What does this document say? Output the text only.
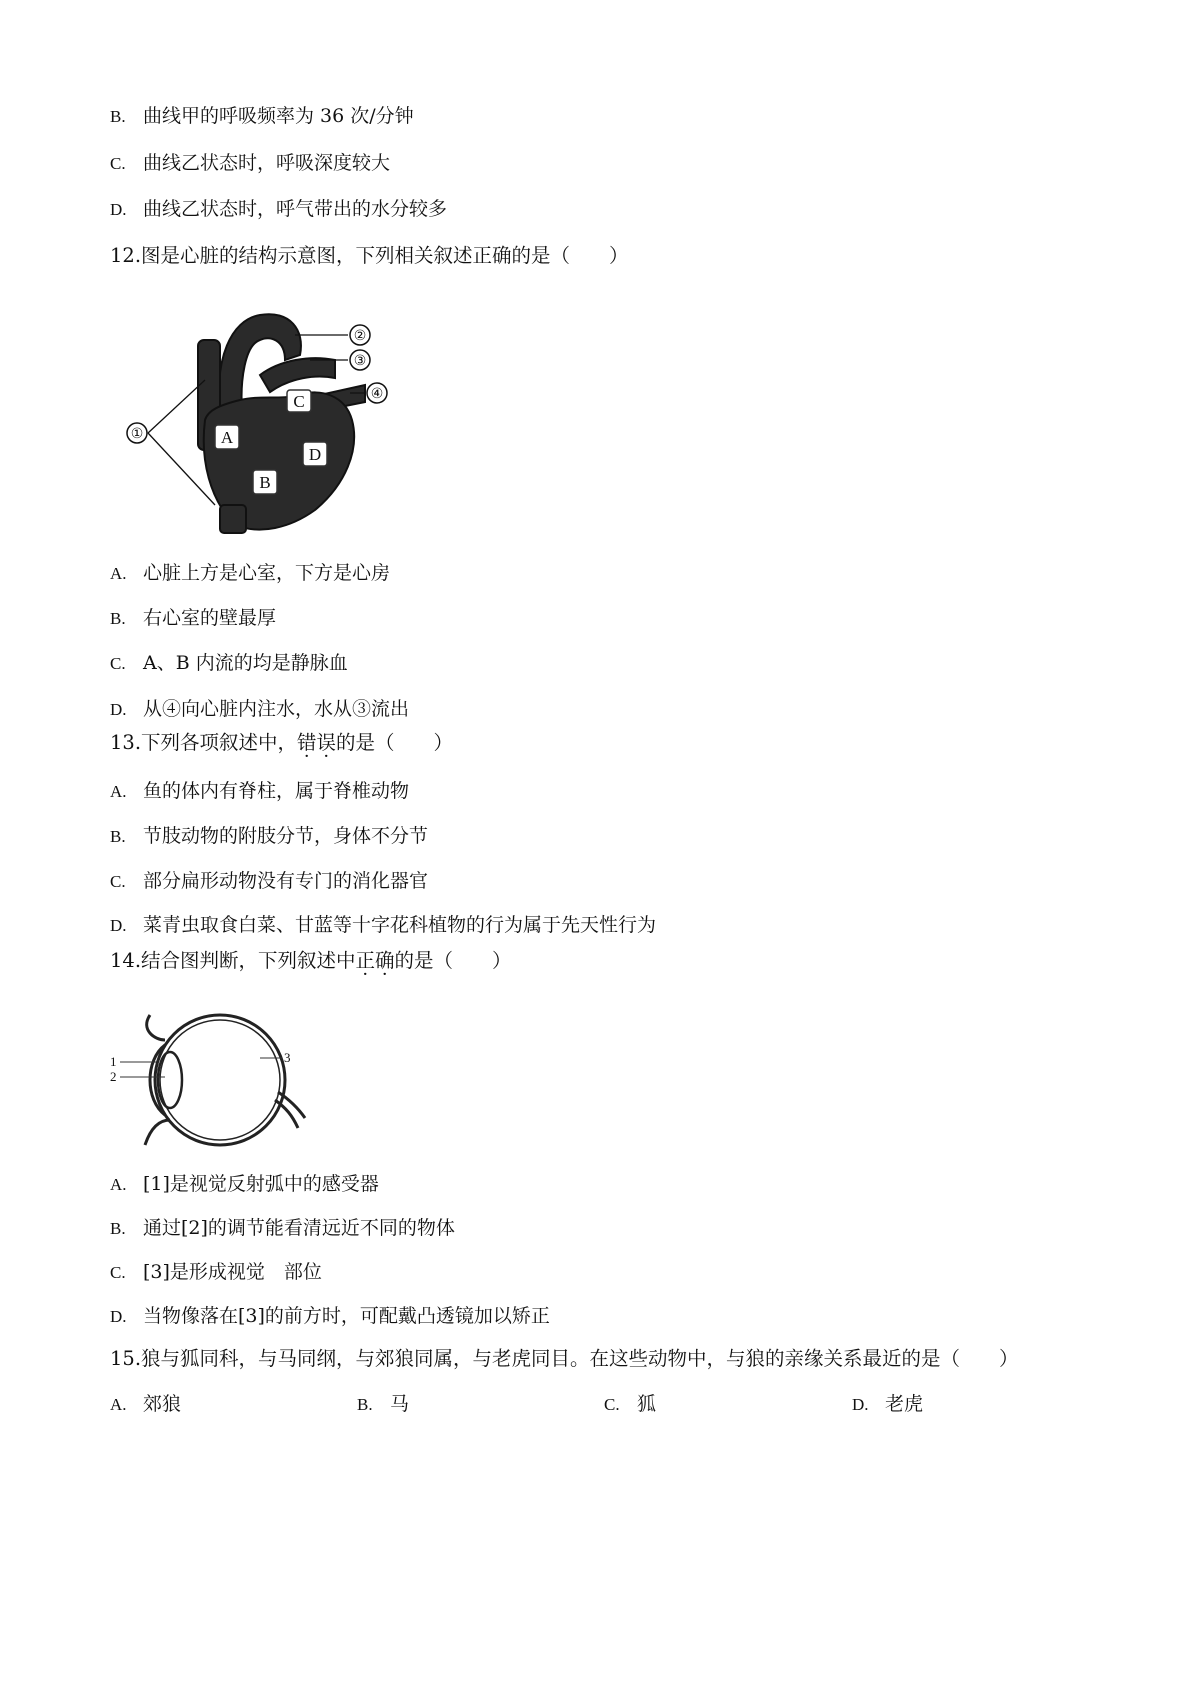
B. 曲线甲的呼吸频率为 36 次/分钟
C. 曲线乙状态时，呼吸深度较大
D. 曲线乙状态时，呼气带出的水分较多
12.图是心脏的结构示意图，下列相关叙述正确的是（　　）
A
B
C
D
①
②
③
④
A. 心脏上方是心室，下方是心房
B. 右心室的壁最厚
C. A、B 内流的均是静脉血
D. 从④向心脏内注水，水从③流出
13.下列各项叙述中，错误的是（　　）
A. 鱼的体内有脊柱，属于脊椎动物
B. 节肢动物的附肢分节，身体不分节
C. 部分扁形动物没有专门的消化器官
D. 菜青虫取食白菜、甘蓝等十字花科植物的行为属于先天性行为
14.结合图判断，下列叙述中正确的是（　　）
1
2
3
A. [1]是视觉反射弧中的感受器
B. 通过[2]的调节能看清远近不同的物体
C. [3]是形成视觉　部位
D. 当物像落在[3]的前方时，可配戴凸透镜加以矫正
15.狼与狐同科，与马同纲，与郊狼同属，与老虎同目。在这些动物中，与狼的亲缘关系最近的是（　　）
A. 郊狼	B. 马	C. 狐	D. 老虎
